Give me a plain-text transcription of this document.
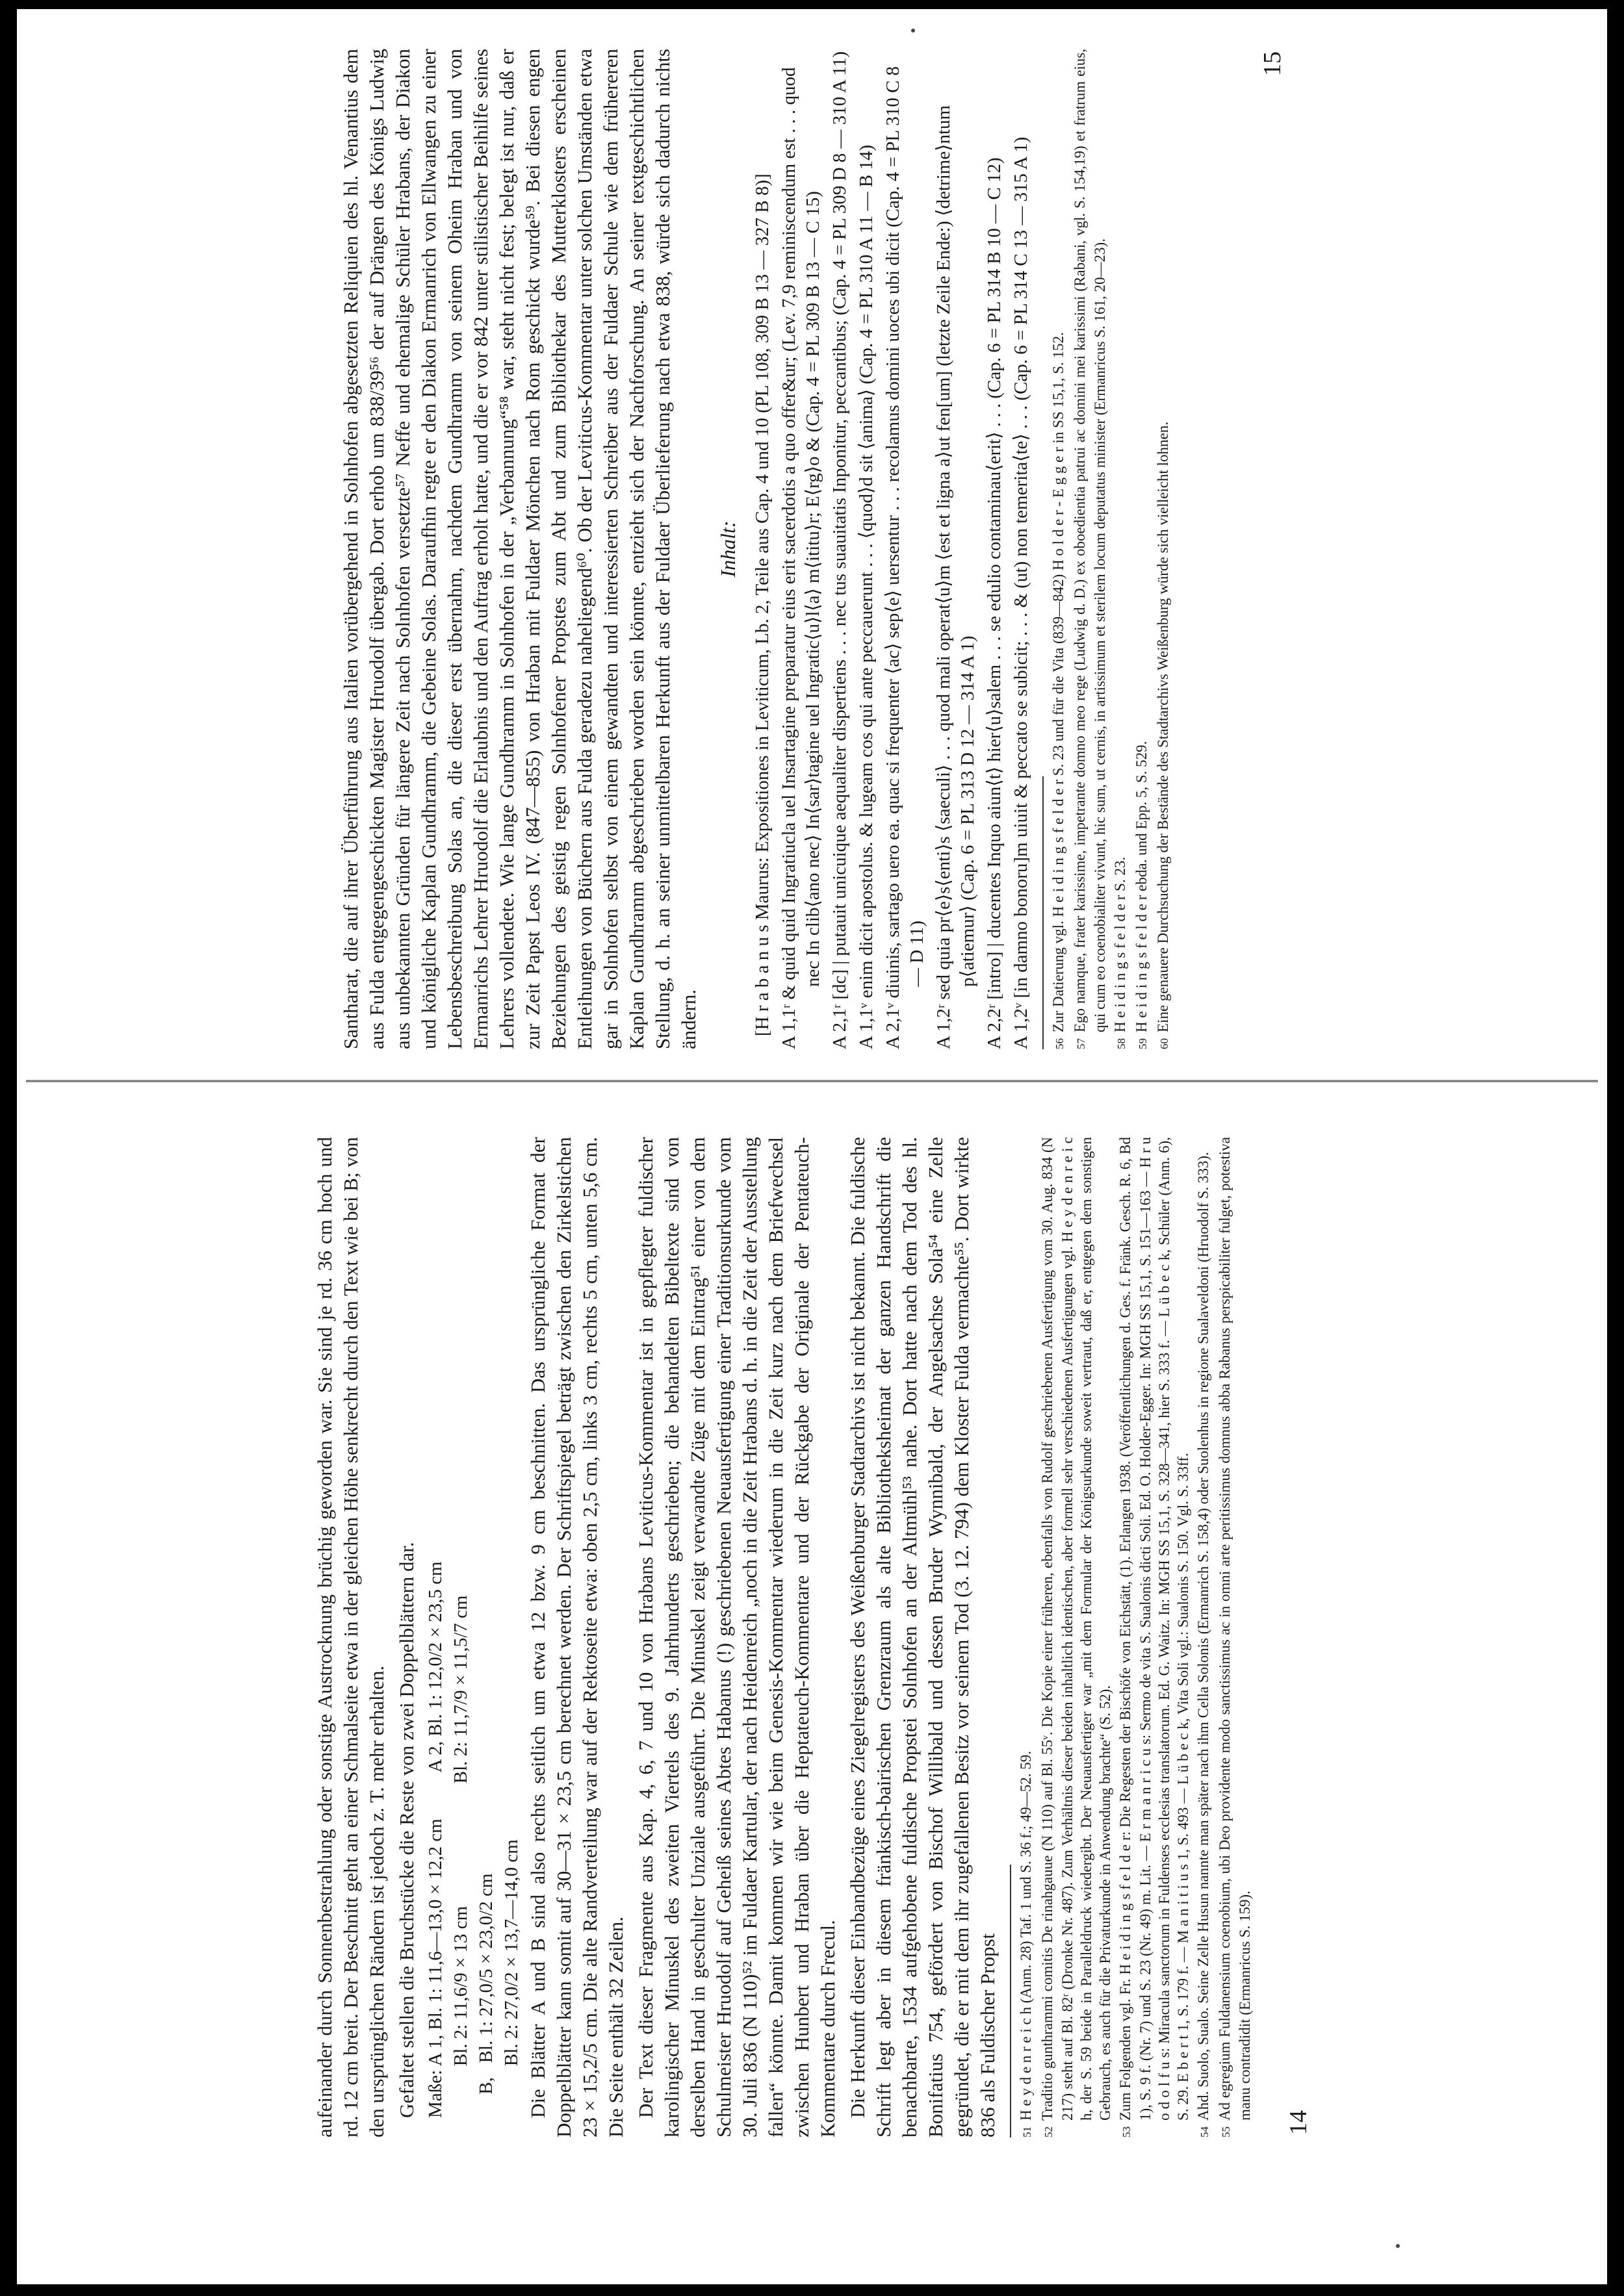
Santharat, die auf ihrer Überführung aus Italien vorübergehend in Solnhofen abgesetzten Reliquien des hl. Venantius dem aus Fulda entgegengeschickten Magister Hruodolf übergab. Dort erhob um 838/39⁵⁶ der auf Drängen des Königs Ludwig aus unbekannten Gründen für längere Zeit nach Solnhofen versetzte⁵⁷ Neffe und ehemalige Schüler Hrabans, der Diakon und königliche Kaplan Gundhramm, die Gebeine Solas. Daraufhin regte er den Diakon Ermanrich von Ellwangen zu einer Lebensbeschreibung Solas an, die dieser erst übernahm, nachdem Gundhramm von seinem Oheim Hraban und von Ermanrichs Lehrer Hruodolf die Erlaubnis und den Auftrag erholt hatte, und die er vor 842 unter stilistischer Beihilfe seines Lehrers vollendete. Wie lange Gundhramm in Solnhofen in der „Verbannung“⁵⁸ war, steht nicht fest; belegt ist nur, daß er zur Zeit Papst Leos IV. (847—855) von Hraban mit Fuldaer Mönchen nach Rom geschickt wurde⁵⁹. Bei diesen engen Beziehungen des geistig regen Solnhofener Propstes zum Abt und zum Bibliothekar des Mutterklosters erscheinen Entleihungen von Büchern aus Fulda geradezu naheliegend⁶⁰. Ob der Leviticus-Kommentar unter solchen Umständen etwa gar in Solnhofen selbst von einem gewandten und interessierten Schreiber aus der Fuldaer Schule wie dem frühereren Kaplan Gundhramm abgeschrieben worden sein könnte, entzieht sich der Nachforschung. An seiner textgeschichtlichen Stellung, d. h. an seiner unmittelbaren Herkunft aus der Fuldaer Überlieferung nach etwa 838, würde sich dadurch nichts ändern.

Inhalt: [H r a b a n u s Maurus: Expositiones in Leviticum, Lb. 2, Teile aus Cap. 4 und 10 (PL 108, 309 B 13 — 327 B 8)] A 1,1ʳ & quid quid Ingratiucla uel Insartagine preparatur eius erit sacerdotis a quo offer&ur; (Lev. 7,9 reminiscendum est . . . quod nec In clib⟨ano nec⟩ In⟨sar⟩tagine uel Ingratic⟨u⟩l⟨a⟩ m⟨ititu⟩r; E⟨rg⟩o & (Cap. 4 = PL 309 B 13 — C 15) A 2,1ʳ [dc] | putauit unicuique aequaliter dispertiens . . . nec tus suauitatis Inponitur, peccantibus; (Cap. 4 = PL 309 D 8 — 310 A 11) A 1,1ᵛ enim dicit apostolus. & lugeam cos qui ante peccauerunt . . . ⟨quod⟩d sit ⟨anima⟩ (Cap. 4 = PL 310 A 11 — B 14) A 2,1ᵛ diuinis, sartago uero ea. quac si frequenter ⟨ac⟩ sep⟨e⟩ uersentur . . . recolamus domini uoces ubi dicit (Cap. 4 = PL 310 C 8 — D 11) A 1,2ʳ sed quia pr⟨e⟩s⟨enti⟩s ⟨saeculi⟩ . . . quod mali operat⟨u⟩m ⟨est et ligna a⟩ut fen[um] (letzte Zeile Ende:) ⟨detrime⟩ntum p⟨atiemur⟩ (Cap. 6 = PL 313 D 12 — 314 A 1) A 2,2ʳ [intro] | ducentes Inquo aiun⟨t⟩ hier⟨u⟩salem . . . se edulio contaminau⟨erit⟩ . . . (Cap. 6 = PL 314 B 10 — C 12) A 1,2ᵛ [in damno bonoru]m uiuit & peccato se subicit; . . . & (ut) non temerita⟨te⟩ . . . (Cap. 6 = PL 314 C 13 — 315 A 1)	56Zur Datierung vgl. H e i d i n g s f e l d e r S. 23 und für die Vita (839—842) H o l d e r - E g g e r in SS 15,1, S. 152.
57Ego namque, frater karissime, impetrante domno meo rege (Ludwig d. D.) ex oboedientia patrui ac domini mei karissimi (Rabani, vgl. S. 154,19) et fratrum eius, qui cum eo coenobialiter vivunt, hic sum, ut cernis, in artissimum et sterilem locum deputatus minister (Ermanricus S. 161, 20—23).
58H e i d i n g s f e l d e r S. 23.
59H e i d i n g s f e l d e r ebda. und Epp. 5, S. 529.
60Eine genauere Durchsuchung der Bestände des Stadtarchivs Weißenburg würde sich vielleicht lohnen.
15

aufeinander durch Sonnenbestrahlung oder sonstige Austrocknung brüchig geworden war. Sie sind je rd. 36 cm hoch und rd. 12 cm breit. Der Beschnitt geht an einer Schmalseite etwa in der gleichen Höhe senkrecht durch den Text wie bei B; von den ursprünglichen Rändern ist jedoch z. T. mehr erhalten. Gefaltet stellen die Bruchstücke die Reste von zwei Doppelblättern dar. Maße: A 1, Bl. 1: 11,6—13,0 × 12,2 cm          A 2, Bl. 1: 12,0/2 × 23,5 cm Bl. 2: 11,6/9 × 13 cm                          Bl. 2: 11,7/9 × 11,5/7 cm B,   Bl. 1: 27,0/5 × 23,0/2 cm Bl. 2: 27,0/2 × 13,7—14,0 cm Die Blätter A und B sind also rechts seitlich um etwa 12 bzw. 9 cm beschnitten. Das ursprüngliche Format der Doppelblätter kann somit auf 30—31 × 23,5 cm berechnet werden. Der Schriftspiegel beträgt zwischen den Zirkelstichen 23 × 15,2/5 cm. Die alte Randverteilung war auf der Rektoseite etwa: oben 2,5 cm, links 3 cm, rechts 5 cm, unten 5,6 cm. Die Seite enthält 32 Zeilen. Der Text dieser Fragmente aus Kap. 4, 6, 7 und 10 von Hrabans Leviticus-Kommentar ist in gepflegter fuldischer karolingischer Minuskel des zweiten Viertels des 9. Jahrhunderts geschrieben; die behandelten Bibeltexte sind von derselben Hand in geschulter Unziale ausgeführt. Die Minuskel zeigt verwandte Züge mit dem Eintrag⁵¹ einer von dem Schulmeister Hruodolf auf Geheiß seines Abtes Habanus (!) geschriebenen Neuausfertigung einer Traditionsurkunde vom 30. Juli 836 (N 110)⁵² im Fuldaer Kartular, der nach Heidenreich „noch in die Zeit Hrabans d. h. in die Zeit der Ausstellung fallen“ könnte. Damit kommen wir wie beim Genesis-Kommentar wiederum in die Zeit kurz nach dem Briefwechsel zwischen Hunbert und Hraban über die Heptateuch-Kommentare und der Rückgabe der Originale der Pentateuch-Kommentare durch Frecul. Die Herkunft dieser Einbandbezüge eines Ziegelregisters des Weißenburger Stadtarchivs ist nicht bekannt. Die fuldische Schrift legt aber in diesem fränkisch-bairischen Grenzraum als alte Bibliotheksheimat der ganzen Handschrift die benachbarte, 1534 aufgehobene fuldische Propstei Solnhofen an der Altmühl⁵³ nahe. Dort hatte nach dem Tod des hl. Bonifatius 754, gefördert von Bischof Willibald und dessen Bruder Wynnibald, der Angelsachse Sola⁵⁴ eine Zelle gegründet, die er mit dem ihr zugefallenen Besitz vor seinem Tod (3. 12. 794) dem Kloster Fulda vermachte⁵⁵. Dort wirkte 836 als Fuldischer Propst	51H e y d e n r e i c h (Anm. 28) Taf. 1 und S. 36 f.; 49—52. 59.
52Traditio gunthrammi comitis De rinahgauue (N 110) auf Bl. 55ᵛ. Die Kopie einer früheren, ebenfalls von Rudolf geschriebenen Ausfertigung vom 30. Aug. 834 (N 217) steht auf Bl. 82ʳ (Dronke Nr. 487). Zum Verhältnis dieser beiden inhaltlich identischen, aber formell sehr verschiedenen Ausfertigungen vgl. H e y d e n r e i c h, der S. 59 beide in Paralleldruck wiedergibt. Der Neuausfertiger war „mit dem Formular der Königsurkunde soweit vertraut, daß er, entgegen dem sonstigen Gebrauch, es auch für die Privaturkunde in Anwendung brachte“ (S. 52).
53Zum Folgenden vgl. Fr. H e i d i n g s f e l d e r: Die Regesten der Bischöfe von Eichstätt, (1). Erlangen 1938. (Veröffentlichungen d. Ges. f. Fränk. Gesch. R. 6, Bd 1), S. 9 f. (Nr. 7) und S. 23 (Nr. 49) m. Lit. — E r m a n r i c u s: Sermo de vita S. Sualonis dicti Soli. Ed. O. Holder-Egger. In: MGH SS 15,1, S. 151—163 — H r u o d o l f u s: Miracula sanctorum in Fuldenses ecclesias translatorum. Ed. G. Waitz. In: MGH SS 15,1, S. 328—341, hier S. 333 f. — L ü b e c k, Schüler (Anm. 6), S. 29. E b e r t 1, S. 179 f. — M a n i t i u s 1, S. 493 — L ü b e c k, Vita Soli vgl.: Sualonis S. 150. Vgl. S. 33ff.
54Ahd. Suolo, Sualo. Seine Zelle Husun nannte man später nach ihm Cella Solonis (Ermanrich S. 158,4) oder Suolenhus in regione Sualaveldoni (Hruodolf S. 333).
55Ad egregium Fuldanensium coenobium, ubi Deo providente modo sanctissimus ac in omni arte peritissimus domnus abba Rabanus perspicabiliter fulget, potestiva manu contradidit (Ermanricus S. 159).
14
